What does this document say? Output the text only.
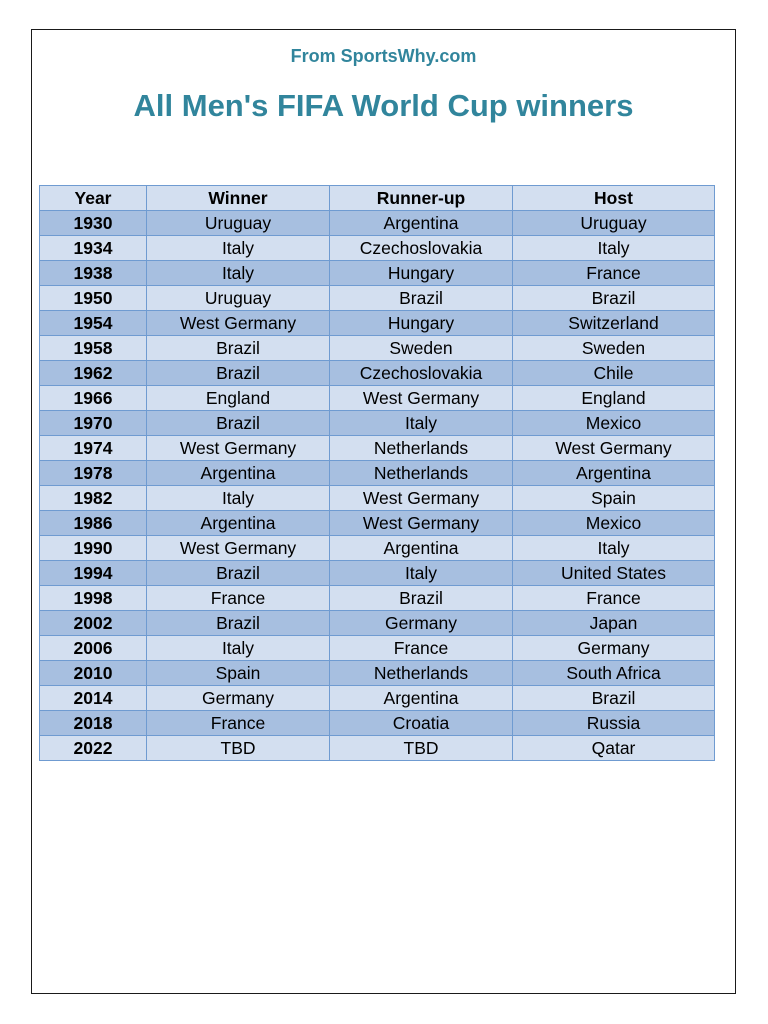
From SportsWhy.com
All Men's FIFA World Cup winners
Year	Winner	Runner-up	Host
1930	Uruguay	Argentina	Uruguay
1934	Italy	Czechoslovakia	Italy
1938	Italy	Hungary	France
1950	Uruguay	Brazil	Brazil
1954	West Germany	Hungary	Switzerland
1958	Brazil	Sweden	Sweden
1962	Brazil	Czechoslovakia	Chile
1966	England	West Germany	England
1970	Brazil	Italy	Mexico
1974	West Germany	Netherlands	West Germany
1978	Argentina	Netherlands	Argentina
1982	Italy	West Germany	Spain
1986	Argentina	West Germany	Mexico
1990	West Germany	Argentina	Italy
1994	Brazil	Italy	United States
1998	France	Brazil	France
2002	Brazil	Germany	Japan
2006	Italy	France	Germany
2010	Spain	Netherlands	South Africa
2014	Germany	Argentina	Brazil
2018	France	Croatia	Russia
2022	TBD	TBD	Qatar
